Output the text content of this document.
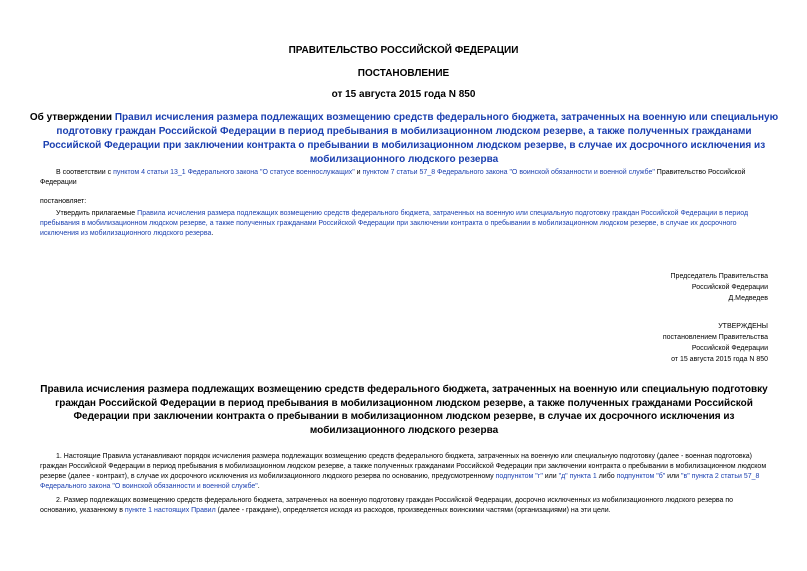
ПРАВИТЕЛЬСТВО РОССИЙСКОЙ ФЕДЕРАЦИИ
ПОСТАНОВЛЕНИЕ
от 15 августа 2015 года N 850
Об утверждении Правил исчисления размера подлежащих возмещению средств федерального бюджета, затраченных на военную или специальную подготовку граждан Российской Федерации в период пребывания в мобилизационном людском резерве, а также полученных гражданами Российской Федерации при заключении контракта о пребывании в мобилизационном людском резерве, в случае их досрочного исключения из мобилизационного людского резерва
В соответствии с пунктом 4 статьи 13_1 Федерального закона "О статусе военнослужащих" и пунктом 7 статьи 57_8 Федерального закона "О воинской обязанности и военной службе" Правительство Российской Федерации
постановляет:
Утвердить прилагаемые Правила исчисления размера подлежащих возмещению средств федерального бюджета, затраченных на военную или специальную подготовку граждан Российской Федерации в период пребывания в мобилизационном людском резерве, а также полученных гражданами Российской Федерации при заключении контракта о пребывании в мобилизационном людском резерве, в случае их досрочного исключения из мобилизационного людского резерва.
Председатель Правительства
Российской Федерации
Д.Медведев
УТВЕРЖДЕНЫ
постановлением Правительства
Российской Федерации
от 15 августа 2015 года N 850
Правила исчисления размера подлежащих возмещению средств федерального бюджета, затраченных на военную или специальную подготовку граждан Российской Федерации в период пребывания в мобилизационном людском резерве, а также полученных гражданами Российской Федерации при заключении контракта о пребывании в мобилизационном людском резерве, в случае их досрочного исключения из мобилизационного людского резерва
1. Настоящие Правила устанавливают порядок исчисления размера подлежащих возмещению средств федерального бюджета, затраченных на военную или специальную подготовку (далее - военная подготовка) граждан Российской Федерации в период пребывания в мобилизационном людском резерве, а также полученных гражданами Российской Федерации при заключении контракта о пребывании в мобилизационном людском резерве (далее - контракт), в случае их досрочного исключения из мобилизационного людского резерва по основанию, предусмотренному подпунктом "г" или "д" пункта 1 либо подпунктом "б" или "в" пункта 2 статьи 57_8 Федерального закона "О воинской обязанности и военной службе".
2. Размер подлежащих возмещению средств федерального бюджета, затраченных на военную подготовку граждан Российской Федерации, досрочно исключенных из мобилизационного людского резерва по основанию, указанному в пункте 1 настоящих Правил (далее - граждане), определяется исходя из расходов, произведенных воинскими частями (организациями) на эти цели.
